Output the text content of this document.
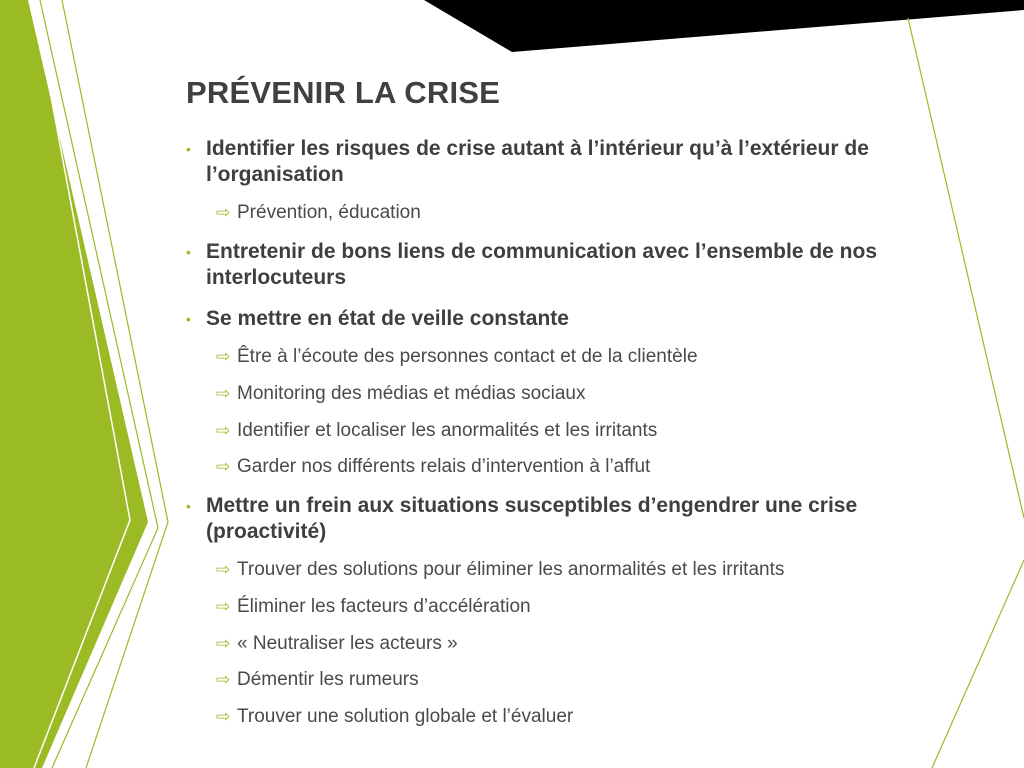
PRÉVENIR LA CRISE
• Identifier les risques de crise autant à l’intérieur qu’à l’extérieur de l’organisation
⇨ Prévention, éducation
• Entretenir de bons liens de communication avec l’ensemble de nos interlocuteurs
• Se mettre en état de veille constante
⇨ Être à l’écoute des personnes contact et de la clientèle
⇨ Monitoring des médias et médias sociaux
⇨ Identifier et localiser les anormalités et les irritants
⇨ Garder nos différents relais d’intervention à l’affut
• Mettre un frein aux situations susceptibles d’engendrer une crise (proactivité)
⇨ Trouver des solutions pour éliminer les anormalités et les irritants
⇨ Éliminer les facteurs d’accélération
⇨ « Neutraliser les acteurs »
⇨ Démentir les rumeurs
⇨ Trouver une solution globale et l’évaluer
